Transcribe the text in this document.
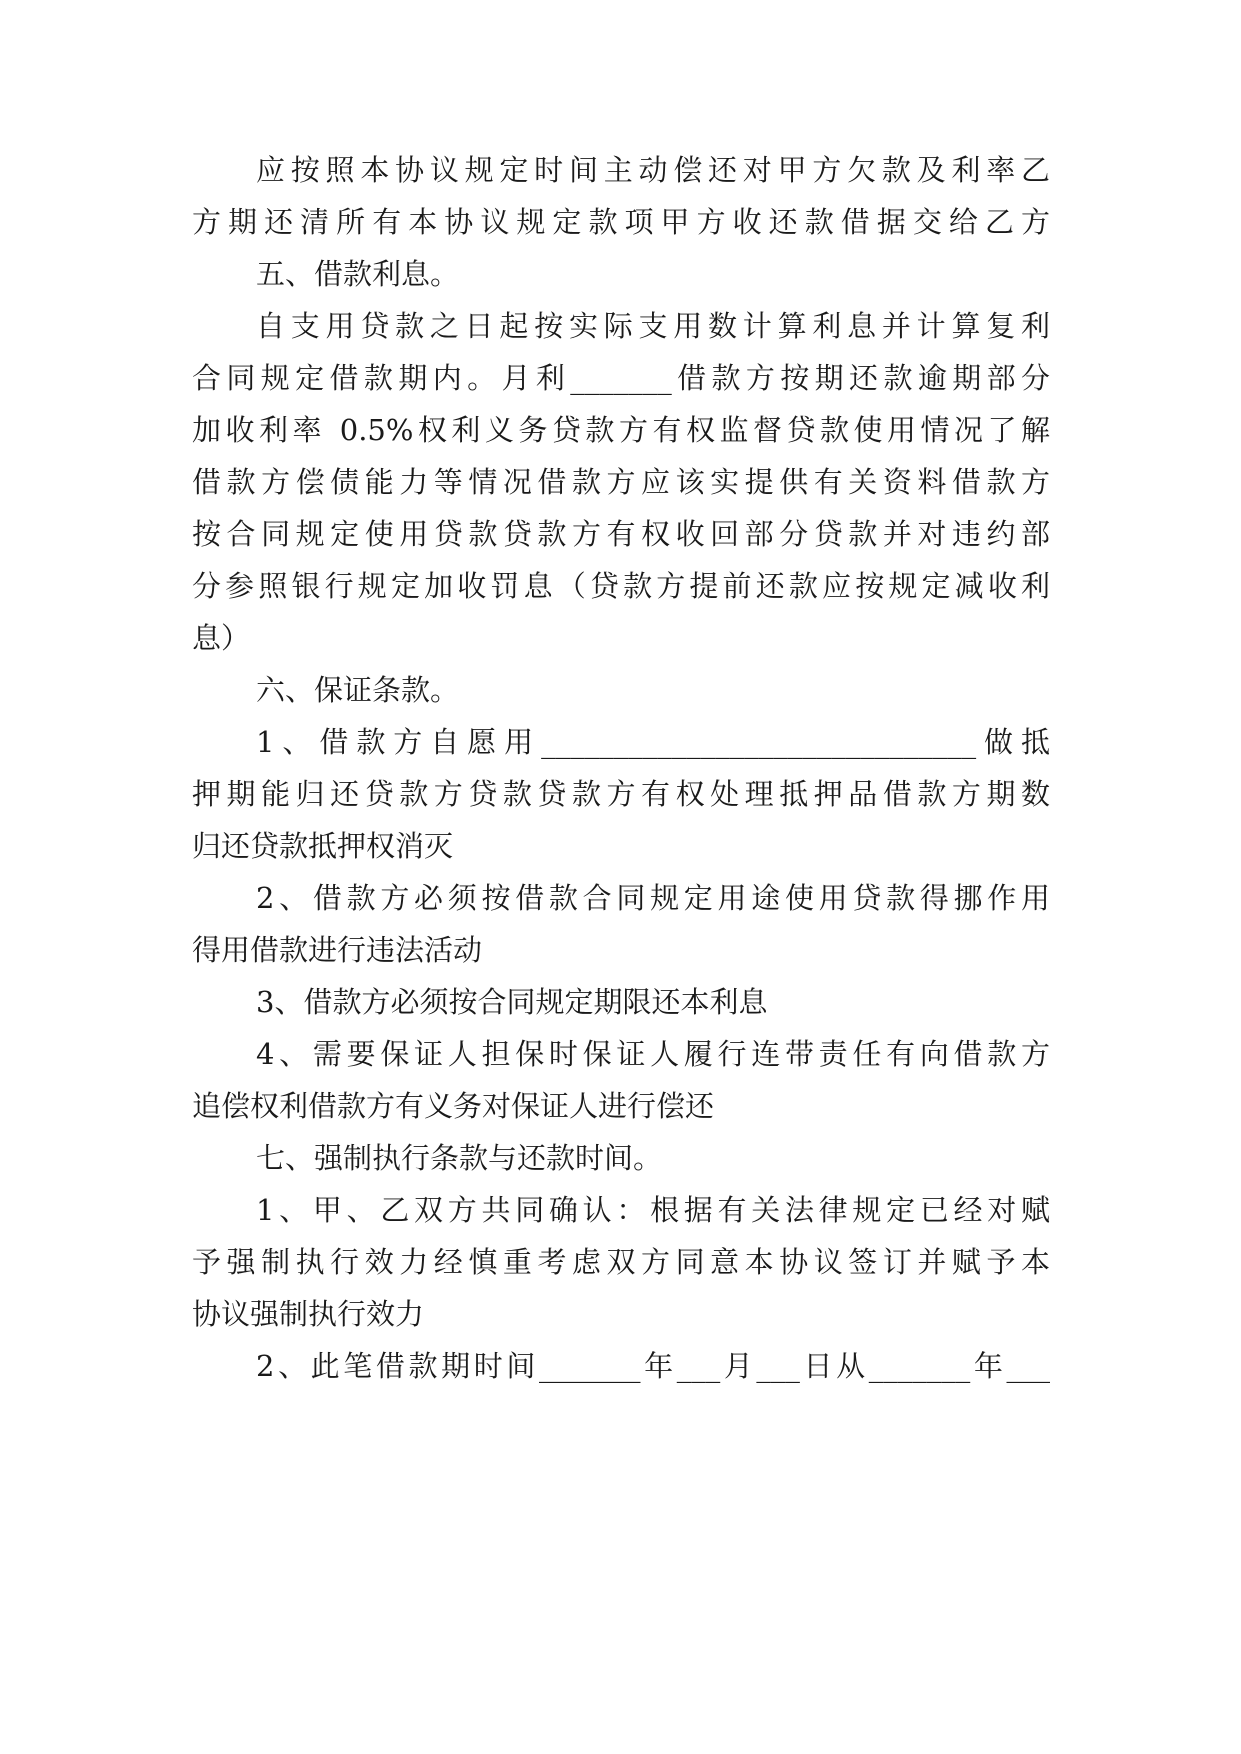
应按照本协议规定时间主动偿还对甲方欠款及利率乙
方期还清所有本协议规定款项甲方收还款借据交给乙方
五、借款利息。
自支用贷款之日起按实际支用数计算利息并计算复利
合同规定借款期内。月利_______借款方按期还款逾期部分
加收利率 0.5%权利义务贷款方有权监督贷款使用情况了解
借款方偿债能力等情况借款方应该实提供有关资料借款方
按合同规定使用贷款贷款方有权收回部分贷款并对违约部
分参照银行规定加收罚息（贷款方提前还款应按规定减收利
息）
六、保证条款。
1、借款方自愿用______________________________做抵
押期能归还贷款方贷款贷款方有权处理抵押品借款方期数
归还贷款抵押权消灭
2、借款方必须按借款合同规定用途使用贷款得挪作用
得用借款进行违法活动
3、借款方必须按合同规定期限还本利息
4、需要保证人担保时保证人履行连带责任有向借款方
追偿权利借款方有义务对保证人进行偿还
七、强制执行条款与还款时间。
1、甲、乙双方共同确认：根据有关法律规定已经对赋
予强制执行效力经慎重考虑双方同意本协议签订并赋予本
协议强制执行效力
2、此笔借款期时间_______年___月___日从_______年___
